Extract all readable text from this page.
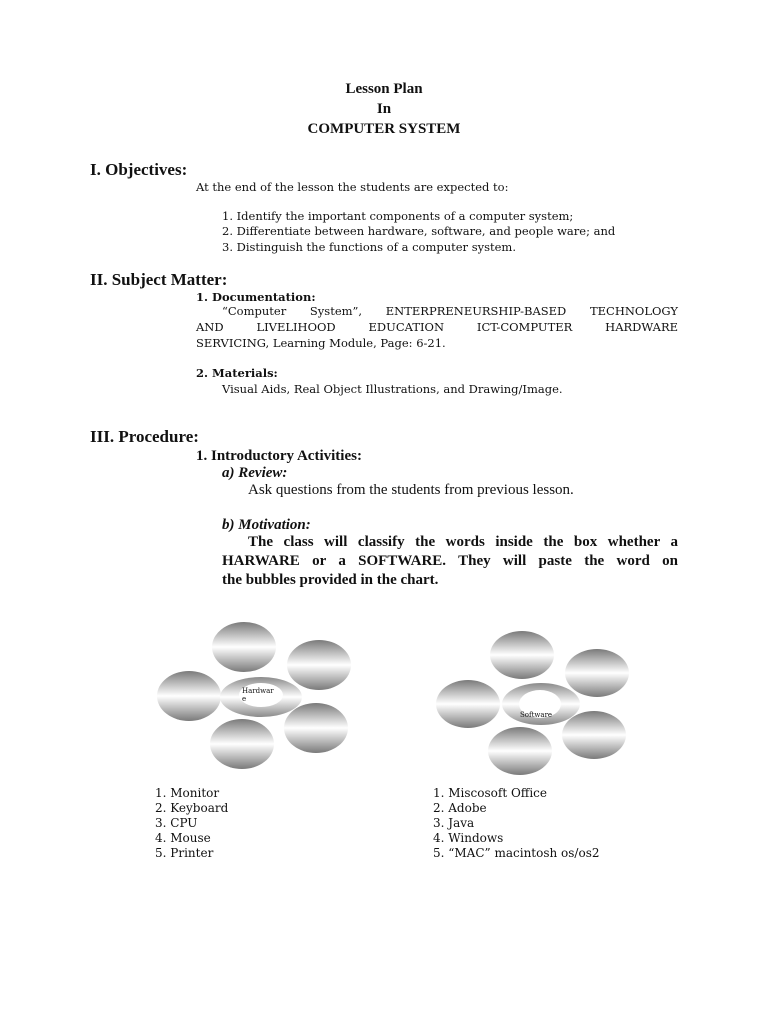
Lesson Plan
In
COMPUTER SYSTEM
I. Objectives:
At the end of the lesson the students are expected to:
1. Identify the important components of a computer system;
2. Differentiate between hardware, software, and people ware; and
3. Distinguish the functions of a computer system.
II. Subject Matter:
1. Documentation:
“Computer System”, ENTERPRENEURSHIP-BASED TECHNOLOGY
AND LIVELIHOOD EDUCATION ICT-COMPUTER HARDWARE
SERVICING, Learning Module, Page: 6-21.
2. Materials:
Visual Aids, Real Object Illustrations, and Drawing/Image.
III. Procedure:
1. Introductory Activities:
a) Review:
Ask questions from the students from previous lesson.
b) Motivation:
The class will classify the words inside the box whether a
HARWARE or a SOFTWARE. They will paste the word on
the bubbles provided in the chart.
Hardwar
e
Software
1. Monitor
2. Keyboard
3. CPU
4. Mouse
5. Printer
1. Miscosoft Office
2. Adobe
3. Java
4. Windows
5. “MAC” macintosh os/os2
